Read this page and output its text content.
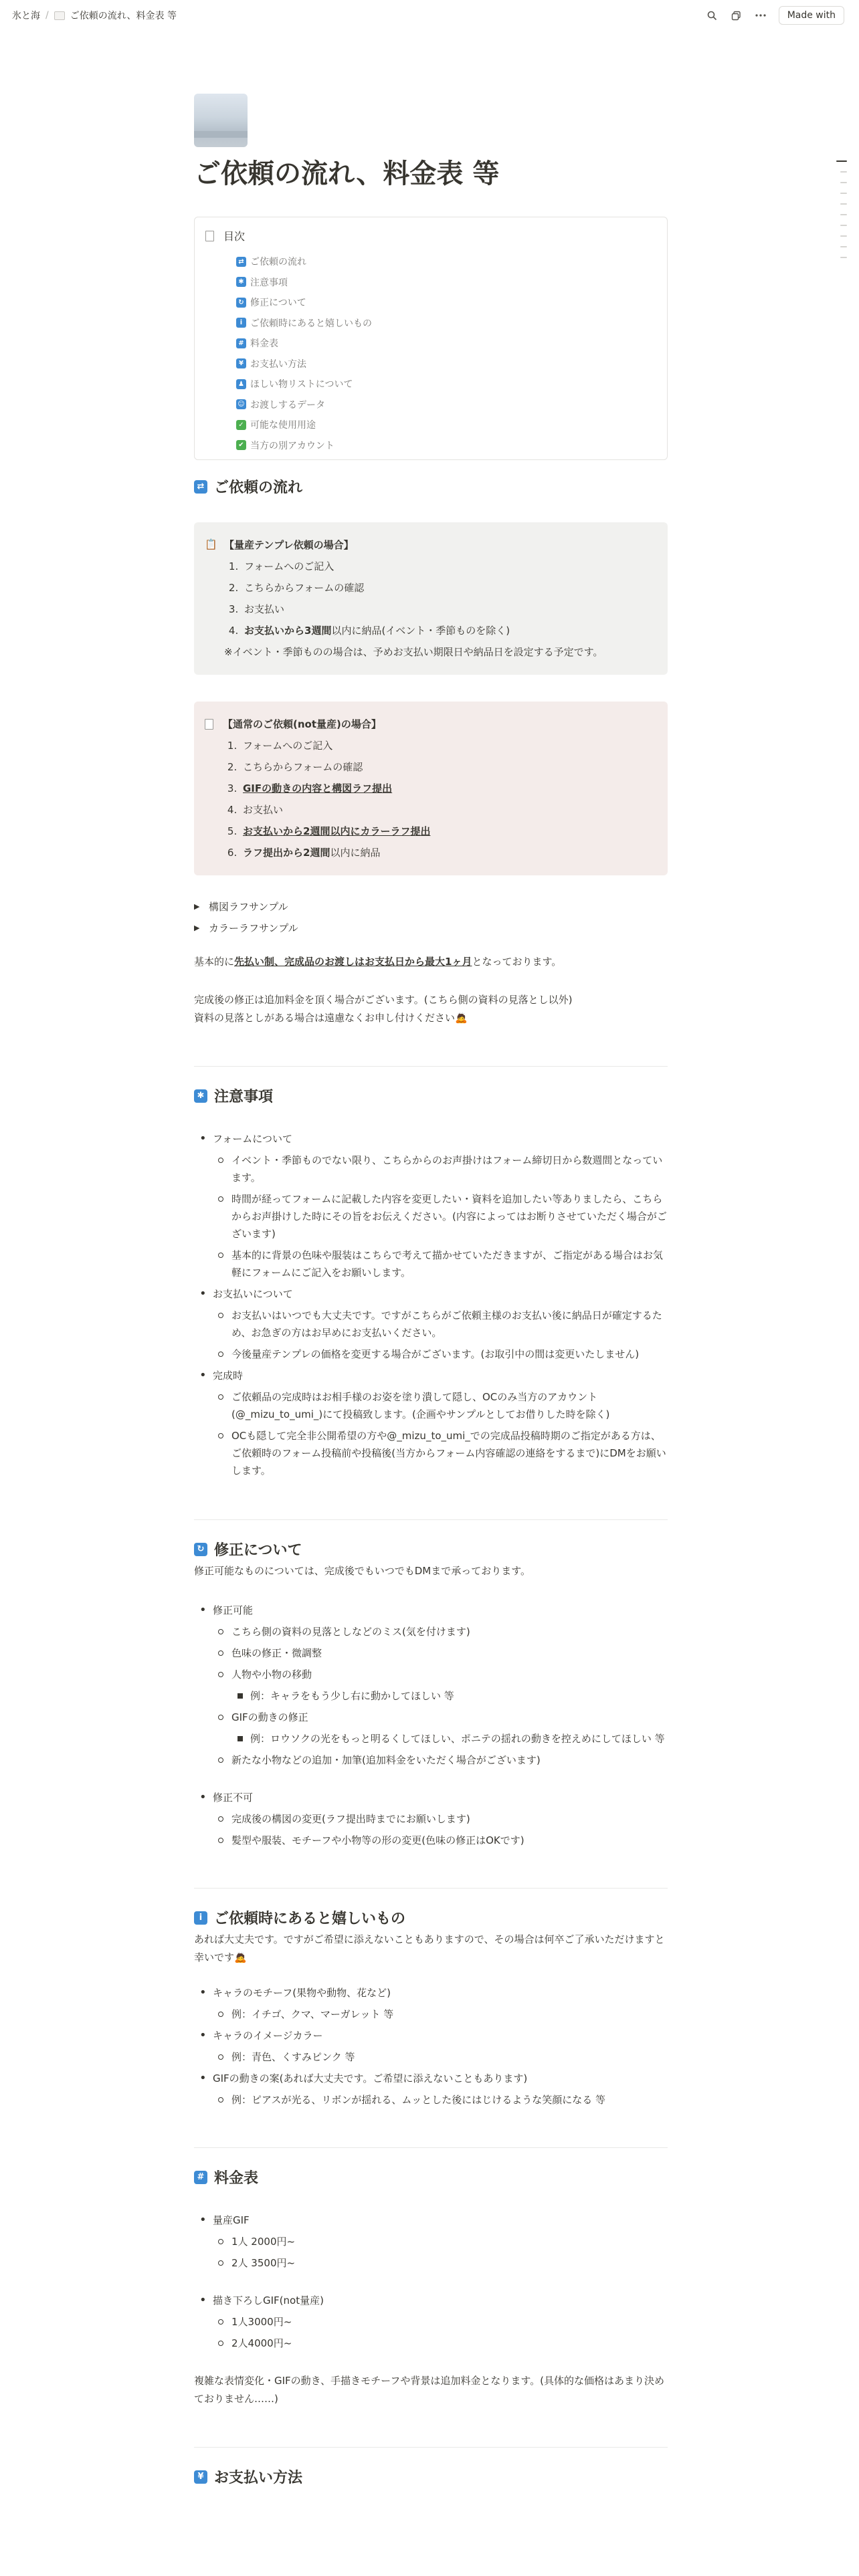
氷と海 / ご依頼の流れ、料金表 等	Made with
ご依頼の流れ、料金表 等
目次
⇄ ご依頼の流れ
✱ 注意事項
↻ 修正について
i ご依頼時にあると嬉しいもの
# 料金表
¥ お支払い方法
♟ ほしい物リストについて
☺ お渡しするデータ
✓ 可能な使用用途
✔ 当方の別アカウント
⇄ ご依頼の流れ
📋 【量産テンプレ依頼の場合】
1. フォームへのご記入
2. こちらからフォームの確認
3. お支払い
4. お支払いから3週間以内に納品(イベント・季節ものを除く)
※イベント・季節ものの場合は、予めお支払い期限日や納品日を設定する予定です。
【通常のご依頼(not量産)の場合】
1. フォームへのご記入
2. こちらからフォームの確認
3. GIFの動きの内容と構図ラフ提出
4. お支払い
5. お支払いから2週間以内にカラーラフ提出
6. ラフ提出から2週間以内に納品
▶ 構図ラフサンプル
▶ カラーラフサンプル

基本的に先払い制、完成品のお渡しはお支払日から最大1ヶ月となっております。

完成後の修正は追加料金を頂く場合がございます。(こちら側の資料の見落とし以外)

資料の見落としがある場合は遠慮なくお申し付けください🙇

✱ 注意事項
• フォームについて
イベント・季節ものでない限り、こちらからのお声掛けはフォーム締切日から数週間となっています。
時間が経ってフォームに記載した内容を変更したい・資料を追加したい等ありましたら、こちらからお声掛けした時にその旨をお伝えください。(内容によってはお断りさせていただく場合がございます)
基本的に背景の色味や服装はこちらで考えて描かせていただきますが、ご指定がある場合はお気軽にフォームにご記入をお願いします。
• お支払いについて
お支払いはいつでも大丈夫です。ですがこちらがご依頼主様のお支払い後に納品日が確定するため、お急ぎの方はお早めにお支払いください。
今後量産テンプレの価格を変更する場合がございます。(お取引中の間は変更いたしません)
• 完成時
ご依頼品の完成時はお相手様のお姿を塗り潰して隠し、OCのみ当方のアカウント(@_mizu_to_umi_)にて投稿致します。(企画やサンプルとしてお借りした時を除く)
OCも隠して完全非公開希望の方や@_mizu_to_umi_での完成品投稿時期のご指定がある方は、ご依頼時のフォーム投稿前や投稿後(当方からフォーム内容確認の連絡をするまで)にDMをお願いします。
↻ 修正について

修正可能なものについては、完成後でもいつでもDMまで承っております。

• 修正可能
こちら側の資料の見落としなどのミス(気を付けます)
色味の修正・微調整
人物や小物の移動
例：キャラをもう少し右に動かしてほしい 等
GIFの動きの修正
例：ロウソクの光をもっと明るくしてほしい、ポニテの揺れの動きを控えめにしてほしい 等
新たな小物などの追加・加筆(追加料金をいただく場合がございます)
• 修正不可
完成後の構図の変更(ラフ提出時までにお願いします)
髪型や服装、モチーフや小物等の形の変更(色味の修正はOKです)
i ご依頼時にあると嬉しいもの

あれば大丈夫です。ですがご希望に添えないこともありますので、その場合は何卒ご了承いただけますと幸いです🙇

• キャラのモチーフ(果物や動物、花など)
例：イチゴ、クマ、マーガレット 等
• キャラのイメージカラー
例：青色、くすみピンク 等
• GIFの動きの案(あれば大丈夫です。ご希望に添えないこともあります)
例：ピアスが光る、リボンが揺れる、ムッとした後にはじけるような笑顔になる 等
# 料金表
• 量産GIF
1人 2000円~
2人 3500円~
• 描き下ろしGIF(not量産)
1人3000円~
2人4000円~

複雑な表情変化・GIFの動き、手描きモチーフや背景は追加料金となります。(具体的な価格はあまり決めておりません……)

¥ お支払い方法
